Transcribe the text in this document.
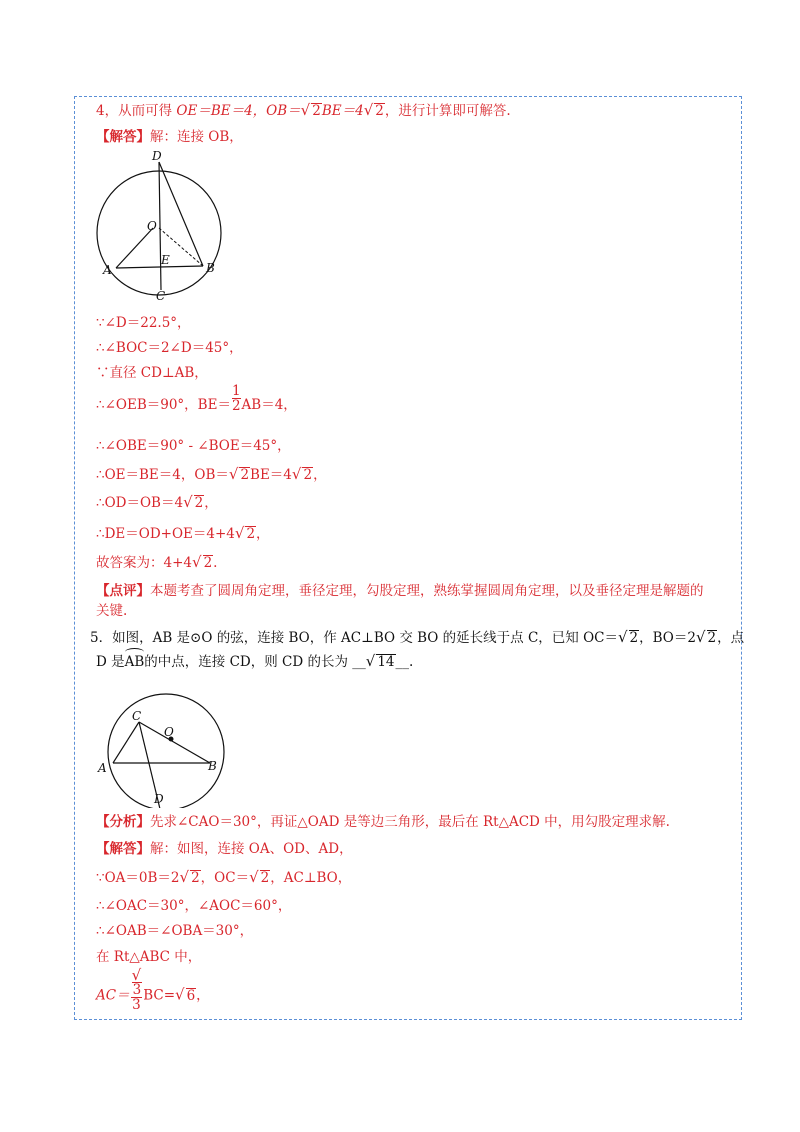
4，从而可得 OE＝BE＝4，OB＝√ 2BE＝4√ 2，进行计算即可解答.
【解答】解：连接 OB，
D
O
E
A	B
C
∵∠D＝22.5°，
∴∠BOC＝2∠D＝45°，
∵直径 CD⊥AB，
∴∠OEB＝90°，$BE= \frac{1}{2} AB=4$，
∴∠OBE＝90° - ∠BOE＝45°，
∴OE＝BE＝4，OB＝√ 2BE＝4√ 2，
∴OD＝OB＝4√ 2，
∴DE＝OD+OE＝4+4√ 2，
故答案为：4+4√ 2.
【点评】本题考查了圆周角定理，垂径定理，勾股定理，熟练掌握圆周角定理，以及垂径定理是解题的
关键.
5．如图，AB 是⊙O 的弦，连接 BO，作 AC⊥BO 交 BO 的延长线于点 C，已知 OC＝√ 2，BO＝2√ 2，点
D 是AB的中点，连接 CD，则 CD 的长为 __√ 14__.
C
O
A	B
D
【分析】先求∠CAO＝30°，再证△OAD 是等边三角形，最后在 Rt△ACD 中，用勾股定理求解.
【解答】解：如图，连接 OA、OD、AD，
∵OA＝0B＝2√ 2，OC＝√ 2，AC⊥BO，
∴∠OAC＝30°，∠AOC＝60°，
∴∠OAB＝∠OBA＝30°，
在 Rt△ABC 中，
AC＝ √
3
3 BC=√ 6，
